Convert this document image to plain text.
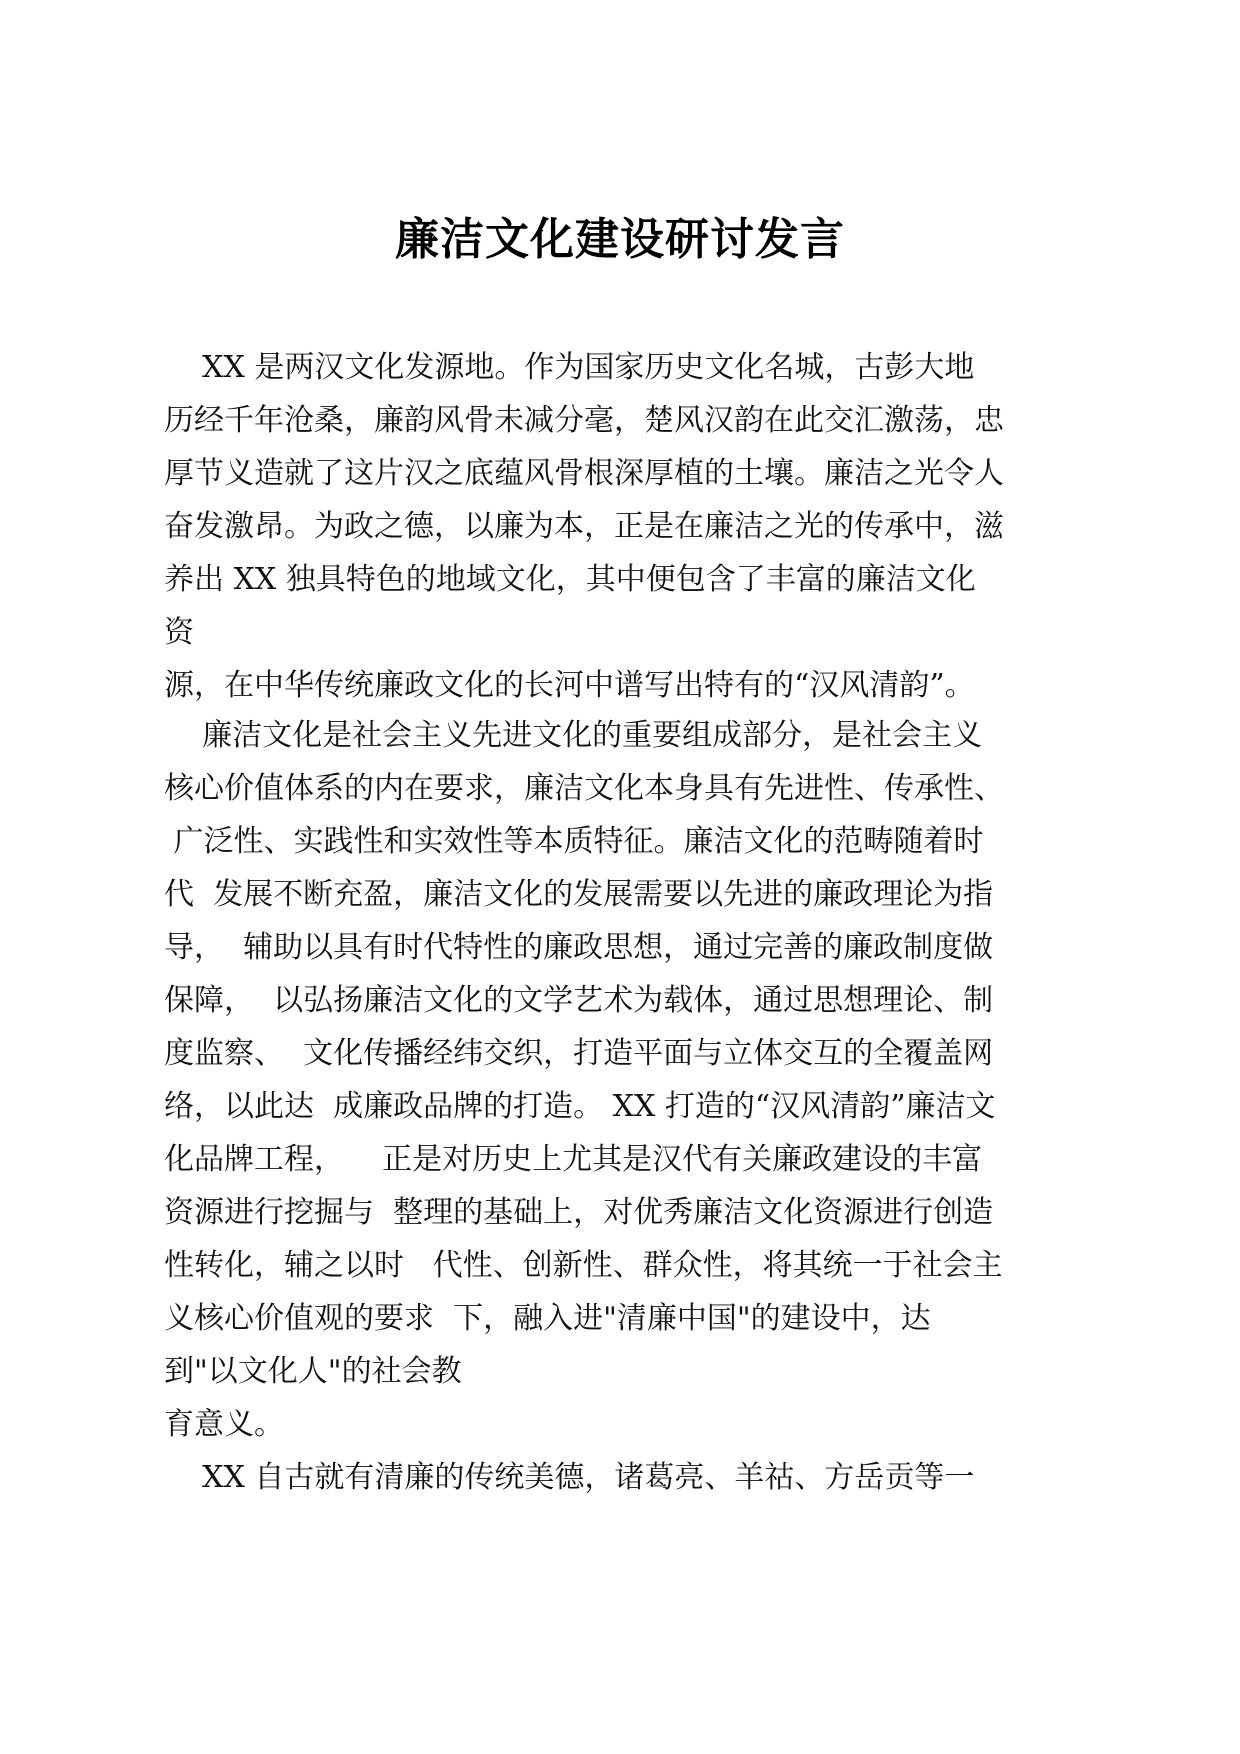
廉洁文化建设研讨发言
XX 是两汉文化发源地。作为国家历史文化名城，古彭大地
历经千年沧桑，廉韵风骨未减分毫，楚风汉韵在此交汇激荡，忠
厚节义造就了这片汉之底蕴风骨根深厚植的土壤。廉洁之光令人
奋发激昂。为政之德，以廉为本，正是在廉洁之光的传承中，滋
养出 XX 独具特色的地域文化，其中便包含了丰富的廉洁文化
资
源，在中华传统廉政文化的长河中谱写出特有的“汉风清韵”。
廉洁文化是社会主义先进文化的重要组成部分，是社会主义
核心价值体系的内在要求，廉洁文化本身具有先进性、传承性、
广泛性、实践性和实效性等本质特征。廉洁文化的范畴随着时
代  发展不断充盈，廉洁文化的发展需要以先进的廉政理论为指
导，  辅助以具有时代特性的廉政思想，通过完善的廉政制度做
保障，  以弘扬廉洁文化的文学艺术为载体，通过思想理论、制
度监察、  文化传播经纬交织，打造平面与立体交互的全覆盖网
络，以此达  成廉政品牌的打造。 XX 打造的“汉风清韵”廉洁文
化品牌工程，    正是对历史上尤其是汉代有关廉政建设的丰富
资源进行挖掘与  整理的基础上，对优秀廉洁文化资源进行创造
性转化，辅之以时   代性、创新性、群众性，将其统一于社会主
义核心价值观的要求  下，融入进"清廉中国"的建设中，达
到"以文化人"的社会教
育意义。
XX 自古就有清廉的传统美德，诸葛亮、羊祜、方岳贡等一
